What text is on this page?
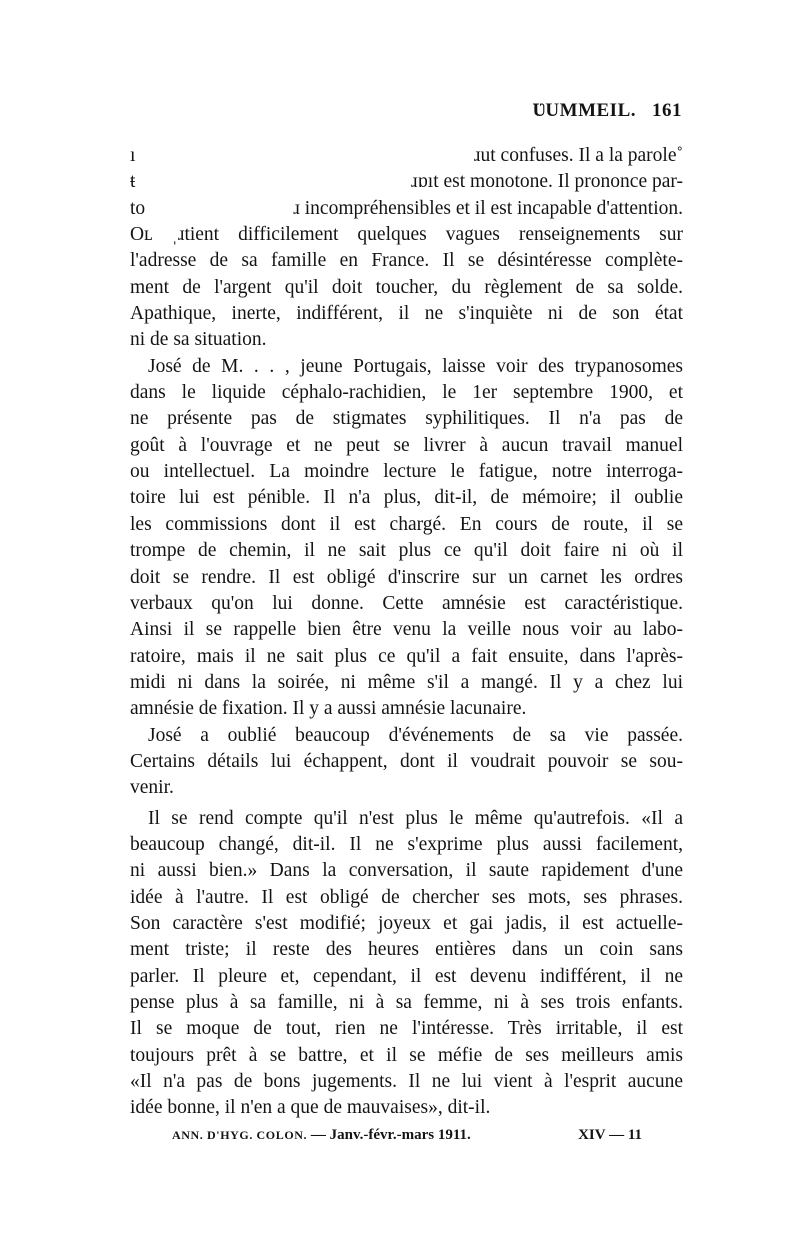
ƲUMMEIL. 161
ı	ɹut confuses. Il a la parole˚
ŧ	ɹɒıt est monotone. Il prononce par-
to	ɹ incompréhensibles et il est incapable d'attention.
Oʟ ˌɹtient difficilement quelques vagues renseignements sur
l'adresse de sa famille en France. Il se désintéresse complète-
ment de l'argent qu'il doit toucher, du règlement de sa solde.
Apathique, inerte, indifférent, il ne s'inquiète ni de son état
ni de sa situation.
José de M. . . , jeune Portugais, laisse voir des trypanosomes
dans le liquide céphalo-rachidien, le 1er septembre 1900, et
ne présente pas de stigmates syphilitiques. Il n'a pas de
goût à l'ouvrage et ne peut se livrer à aucun travail manuel
ou intellectuel. La moindre lecture le fatigue, notre interroga-
toire lui est pénible. Il n'a plus, dit-il, de mémoire; il oublie
les commissions dont il est chargé. En cours de route, il se
trompe de chemin, il ne sait plus ce qu'il doit faire ni où il
doit se rendre. Il est obligé d'inscrire sur un carnet les ordres
verbaux qu'on lui donne. Cette amnésie est caractéristique.
Ainsi il se rappelle bien être venu la veille nous voir au labo-
ratoire, mais il ne sait plus ce qu'il a fait ensuite, dans l'après-
midi ni dans la soirée, ni même s'il a mangé. Il y a chez lui
amnésie de fixation. Il y a aussi amnésie lacunaire.
José a oublié beaucoup d'événements de sa vie passée.
Certains détails lui échappent, dont il voudrait pouvoir se sou-
venir.
Il se rend compte qu'il n'est plus le même qu'autrefois. «Il a
beaucoup changé, dit-il. Il ne s'exprime plus aussi facilement,
ni aussi bien.» Dans la conversation, il saute rapidement d'une
idée à l'autre. Il est obligé de chercher ses mots, ses phrases.
Son caractère s'est modifié; joyeux et gai jadis, il est actuelle-
ment triste; il reste des heures entières dans un coin sans
parler. Il pleure et, cependant, il est devenu indifférent, il ne
pense plus à sa famille, ni à sa femme, ni à ses trois enfants.
Il se moque de tout, rien ne l'intéresse. Très irritable, il est
toujours prêt à se battre, et il se méfie de ses meilleurs amis
«Il n'a pas de bons jugements. Il ne lui vient à l'esprit aucune
idée bonne, il n'en a que de mauvaises», dit-il.
ANN. D'HYG. COLON. — Janv.-févr.-mars 1911.	XIV — 11
